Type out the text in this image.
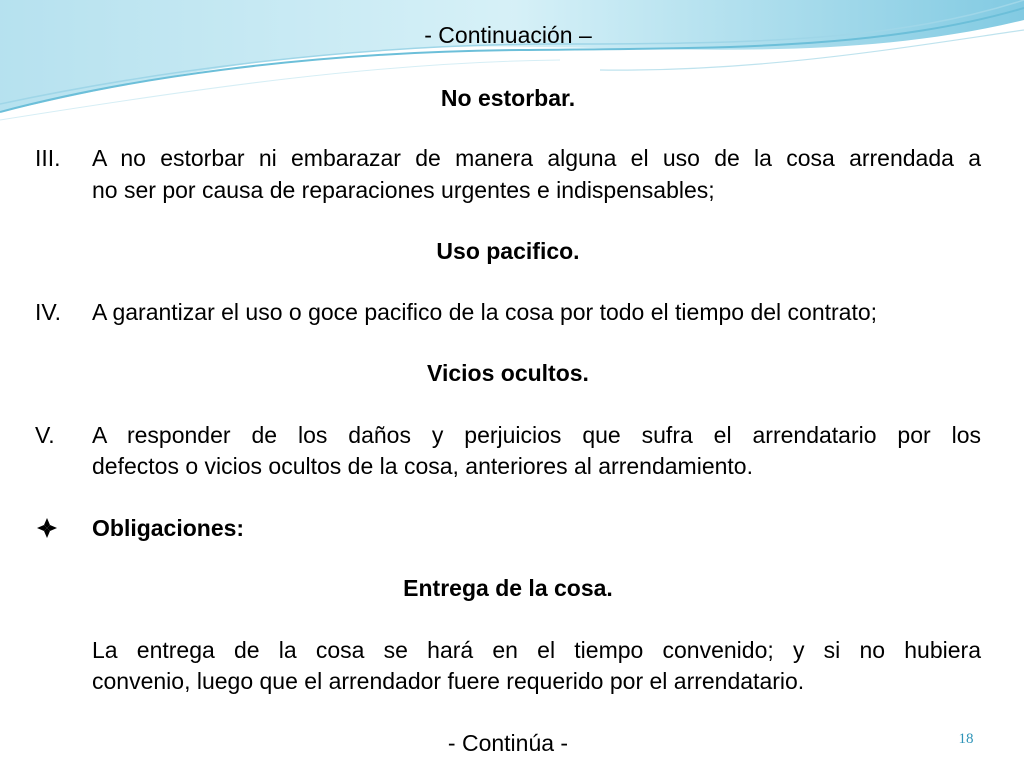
- Continuación –
No estorbar.
III. A no estorbar ni embarazar de manera alguna el uso de la cosa arrendada a
no ser por causa de reparaciones urgentes e indispensables;
Uso pacifico.
IV. A garantizar el uso o goce pacifico de la cosa por todo el tiempo del contrato;
Vicios ocultos.
V. A responder de los daños y perjuicios que sufra el arrendatario por los
defectos o vicios ocultos de la cosa, anteriores al arrendamiento.
Obligaciones:
Entrega de la cosa.
La entrega de la cosa se hará en el tiempo convenido; y si no hubiera
convenio, luego que el arrendador fuere requerido por el arrendatario.
- Continúa -	18
